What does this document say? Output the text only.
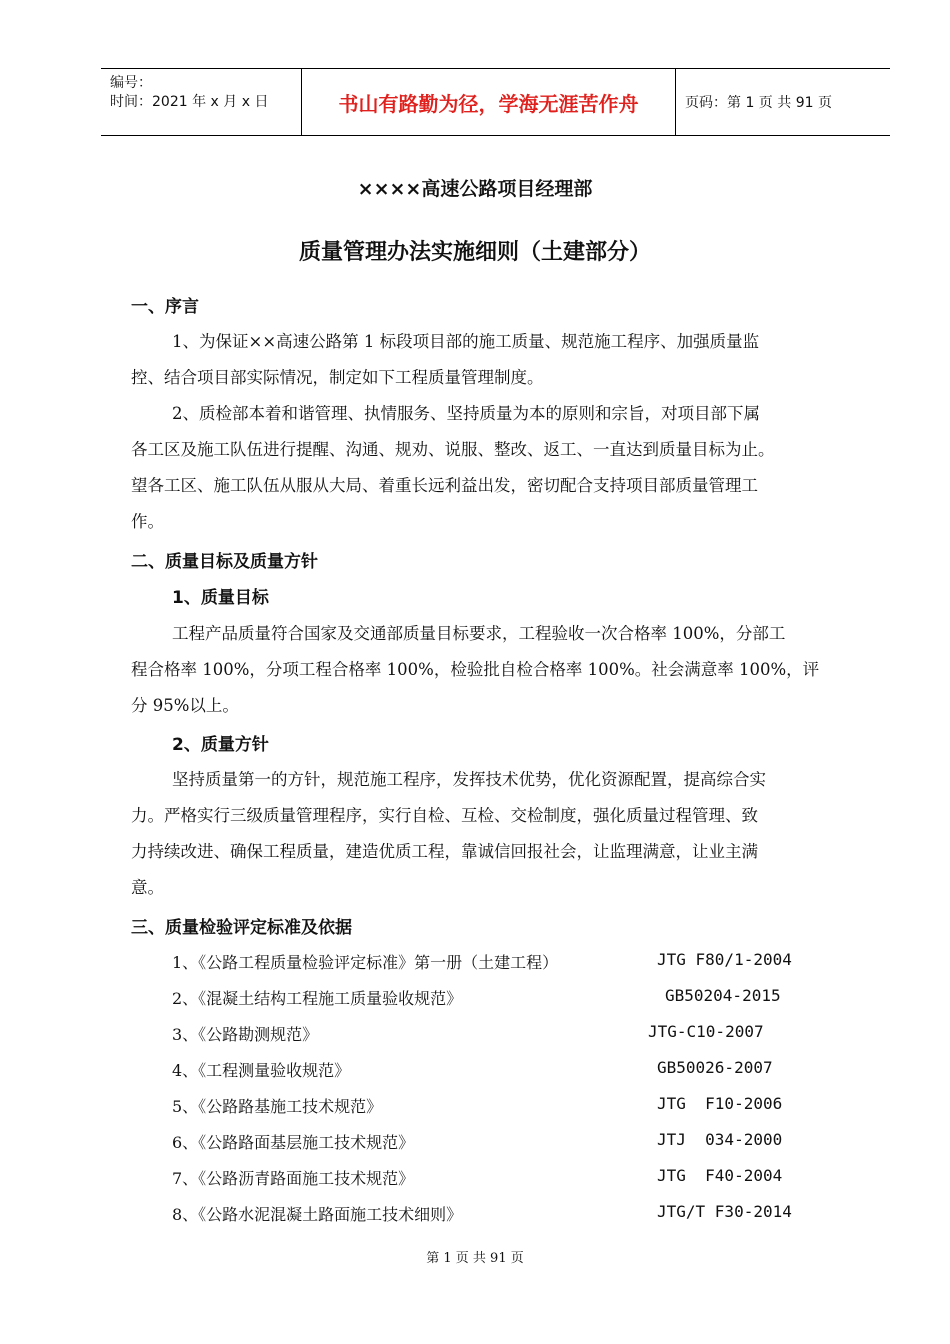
编号：
时间：2021 年 x 月 x 日	书山有路勤为径，学海无涯苦作舟	页码：第 1 页 共 91 页
××××高速公路项目经理部
质量管理办法实施细则（土建部分）
一、序言
1、为保证××高速公路第 1 标段项目部的施工质量、规范施工程序、加强质量监
控、结合项目部实际情况，制定如下工程质量管理制度。
2、质检部本着和谐管理、执情服务、坚持质量为本的原则和宗旨，对项目部下属
各工区及施工队伍进行提醒、沟通、规劝、说服、整改、返工、一直达到质量目标为止。
望各工区、施工队伍从服从大局、着重长远利益出发，密切配合支持项目部质量管理工
作。
二、质量目标及质量方针
1、质量目标
工程产品质量符合国家及交通部质量目标要求，工程验收一次合格率 100%，分部工
程合格率 100%，分项工程合格率 100%，检验批自检合格率 100%。社会满意率 100%，评
分 95%以上。
2、质量方针
坚持质量第一的方针，规范施工程序，发挥技术优势，优化资源配置，提高综合实
力。严格实行三级质量管理程序，实行自检、互检、交检制度，强化质量过程管理、致
力持续改进、确保工程质量，建造优质工程，靠诚信回报社会，让监理满意，让业主满
意。
三、质量检验评定标准及依据
1、《公路工程质量检验评定标准》第一册（土建工程）	JTG F80/1-2004
2、《混凝土结构工程施工质量验收规范》	GB50204-2015
3、《公路勘测规范》	JTG-C10-2007
4、《工程测量验收规范》	GB50026-2007
5、《公路路基施工技术规范》	JTG  F10-2006
6、《公路路面基层施工技术规范》	JTJ  034-2000
7、《公路沥青路面施工技术规范》	JTG  F40-2004
8、《公路水泥混凝土路面施工技术细则》	JTG/T F30-2014
第 1 页 共 91 页
